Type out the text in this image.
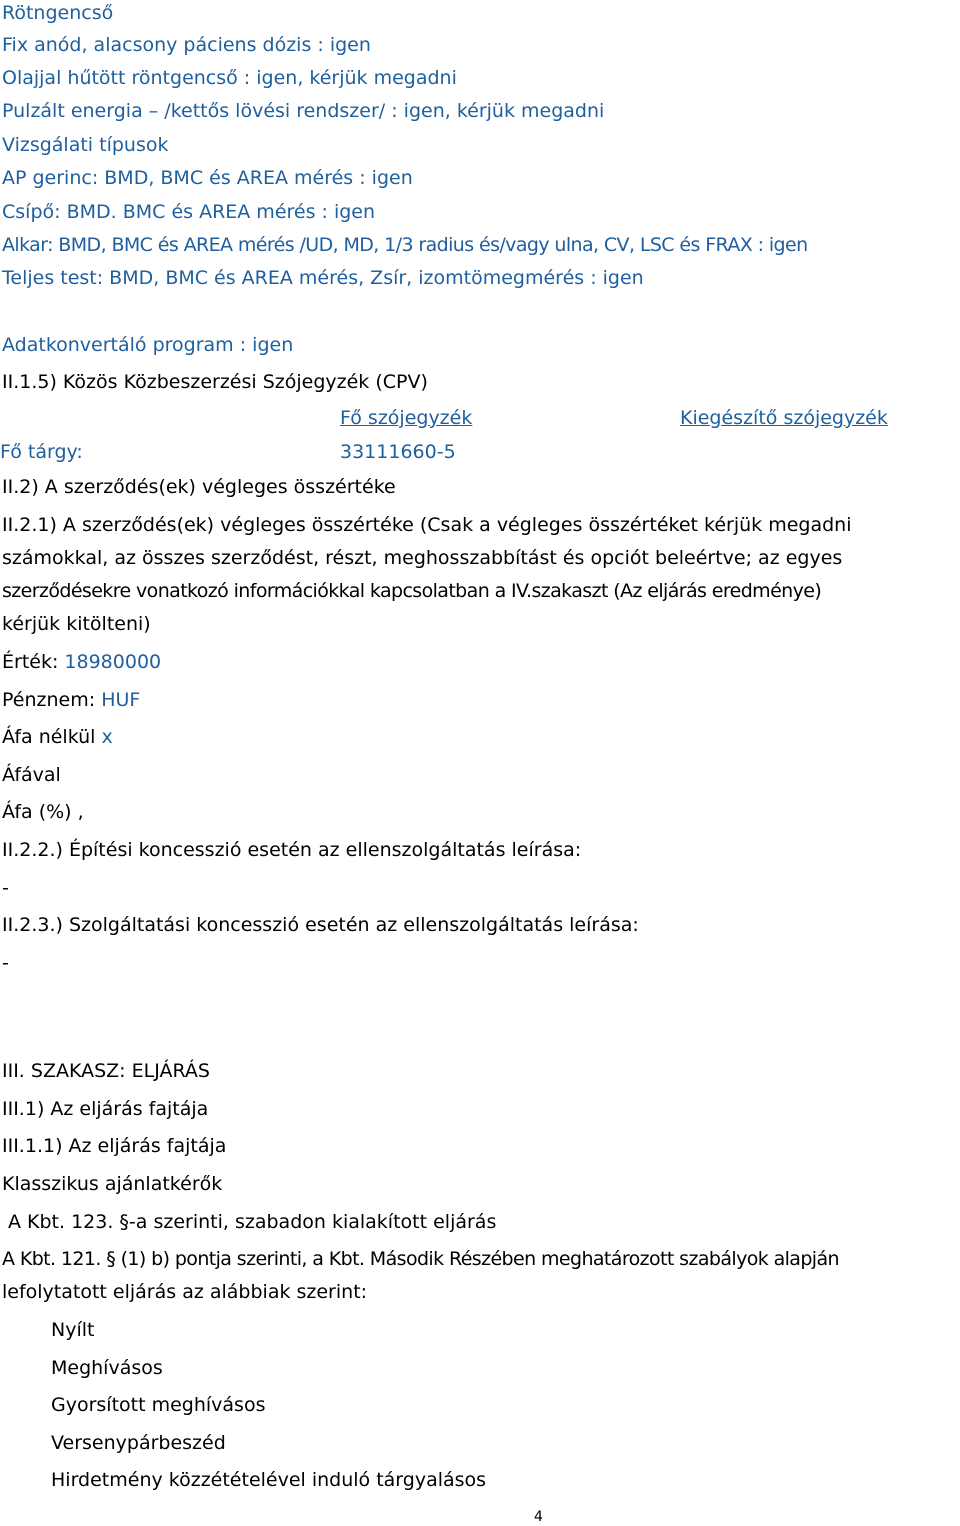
Rötngencső
Fix anód, alacsony páciens dózis : igen
Olajjal hűtött röntgencső : igen, kérjük megadni
Pulzált energia – /kettős lövési rendszer/ : igen, kérjük megadni
Vizsgálati típusok
AP gerinc: BMD, BMC és AREA mérés : igen
Csípő: BMD. BMC és AREA mérés : igen
Alkar: BMD, BMC és AREA mérés /UD, MD, 1/3 radius és/vagy ulna, CV, LSC és FRAX : igen
Teljes test: BMD, BMC és AREA mérés, Zsír, izomtömegmérés : igen
Adatkonvertáló program : igen
II.1.5) Közös Közbeszerzési Szójegyzék (CPV)
Fő szójegyzék	Kiegészítő szójegyzék
Fő tárgy:	33111660-5
II.2) A szerződés(ek) végleges összértéke
II.2.1) A szerződés(ek) végleges összértéke (Csak a végleges összértéket kérjük megadni
számokkal, az összes szerződést, részt, meghosszabbítást és opciót beleértve; az egyes
szerződésekre vonatkozó információkkal kapcsolatban a IV.szakaszt (Az eljárás eredménye)
kérjük kitölteni)
Érték: 18980000
Pénznem: HUF
Áfa nélkül x
Áfával
Áfa (%) ,
II.2.2.) Építési koncesszió esetén az ellenszolgáltatás leírása:
-
II.2.3.) Szolgáltatási koncesszió esetén az ellenszolgáltatás leírása:
-
III. SZAKASZ: ELJÁRÁS
III.1) Az eljárás fajtája
III.1.1) Az eljárás fajtája
Klasszikus ajánlatkérők
A Kbt. 123. §-a szerinti, szabadon kialakított eljárás
A Kbt. 121. § (1) b) pontja szerinti, a Kbt. Második Részében meghatározott szabályok alapján
lefolytatott eljárás az alábbiak szerint:
Nyílt
Meghívásos
Gyorsított meghívásos
Versenypárbeszéd
Hirdetmény közzétételével induló tárgyalásos
4
